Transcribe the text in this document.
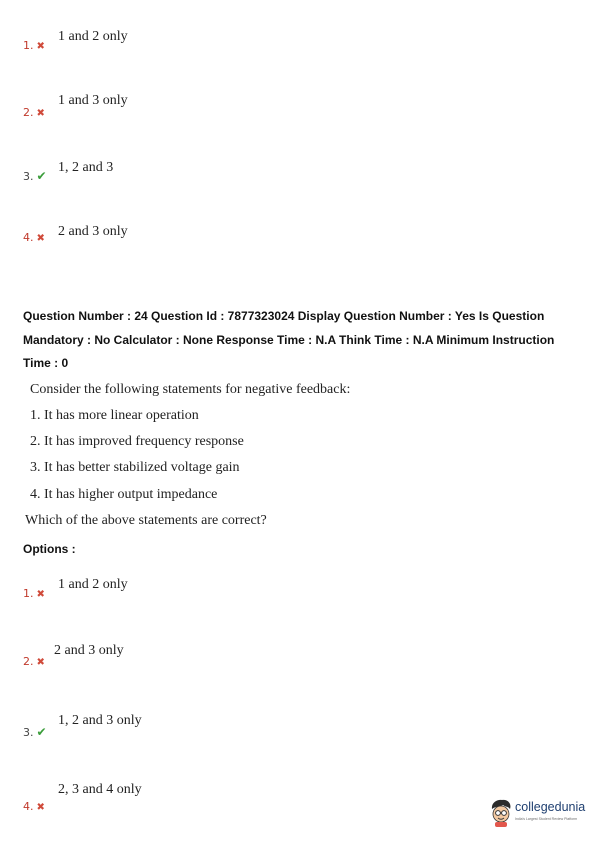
1. ✖
1 and 2 only
2. ✖
1 and 3 only
3. ✔
1, 2 and 3
4. ✖ 2 and 3 only
Question Number : 24 Question Id : 7877323024 Display Question Number : Yes Is Question Mandatory : No Calculator : None Response Time : N.A Think Time : N.A Minimum Instruction Time : 0
Consider the following statements for negative feedback:
1. It has more linear operation
2. It has improved frequency response
3. It has better stabilized voltage gain
4. It has higher output impedance
Which of the above statements are correct?
Options :
1. ✖
1 and 2 only
2. ✖
2 and 3 only
3. ✔
1, 2 and 3 only
4. ✖
2, 3 and 4 only
collegedunia
India's Largest Student Review Platform
